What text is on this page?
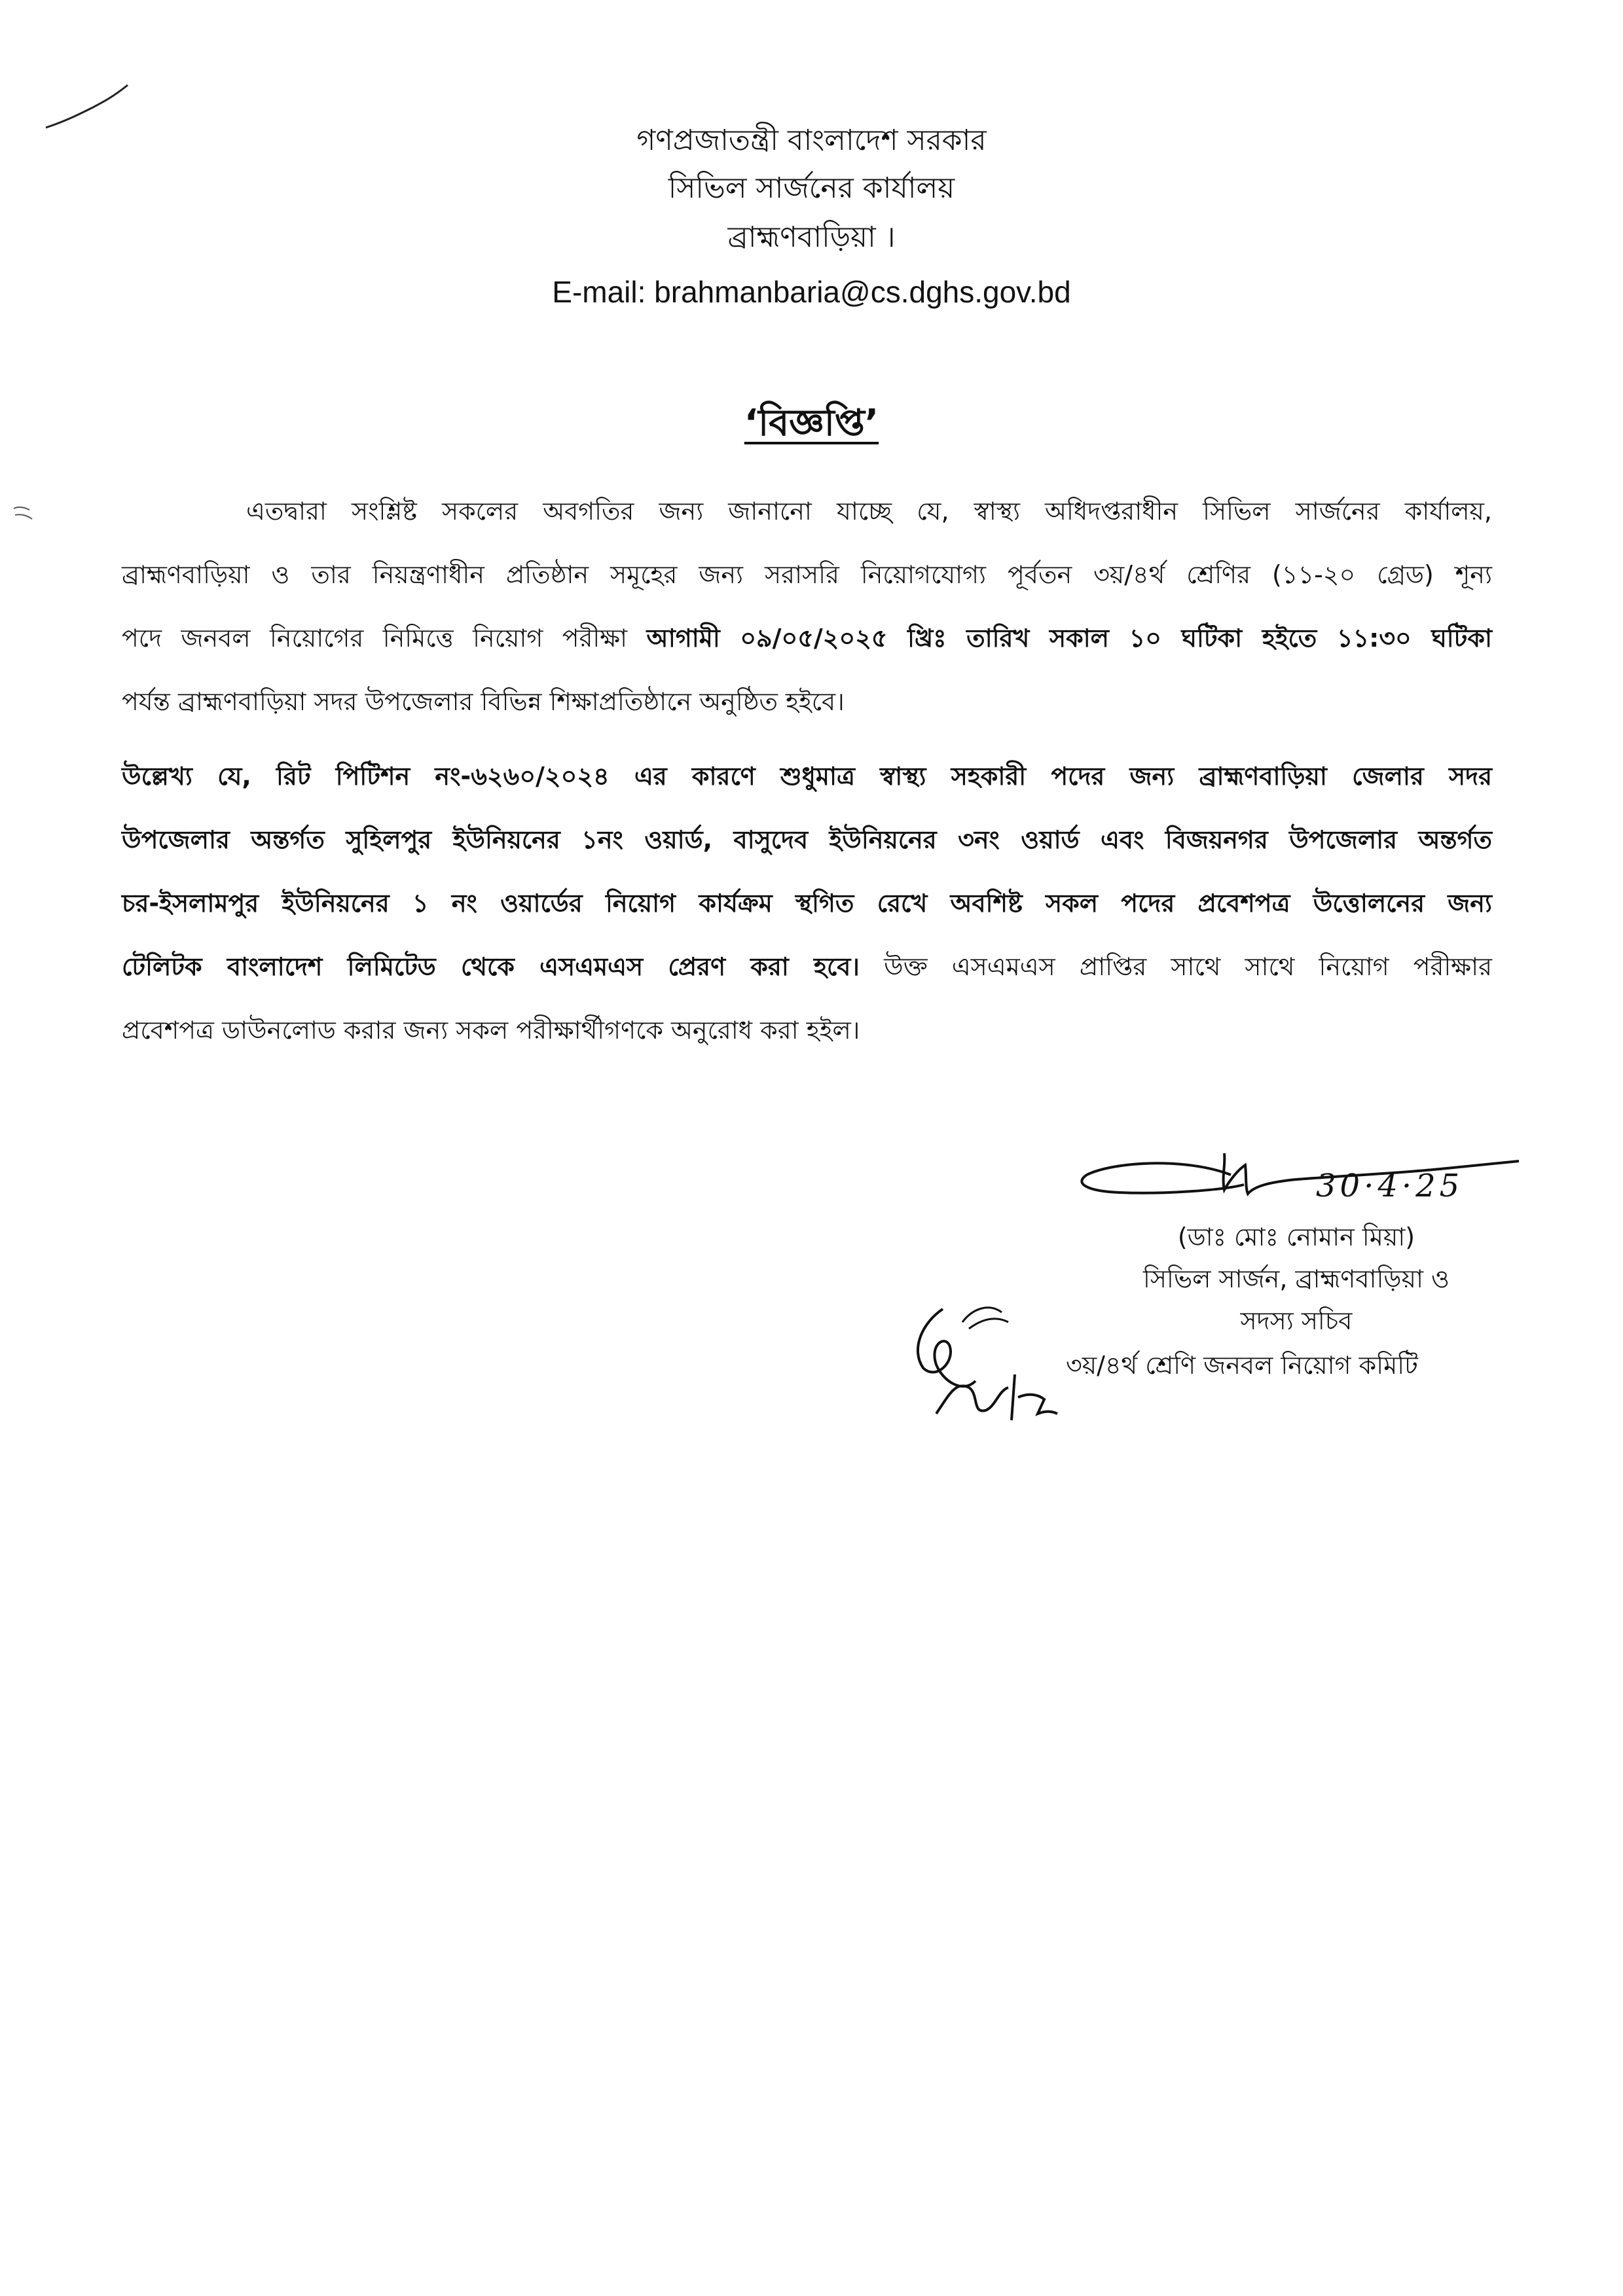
গণপ্রজাতন্ত্রী বাংলাদেশ সরকার
সিভিল সার্জনের কার্যালয়
ব্রাহ্মণবাড়িয়া ।
E-mail: brahmanbaria@cs.dghs.gov.bd
‘বিজ্ঞপ্তি’
এতদ্বারা সংশ্লিষ্ট সকলের অবগতির জন্য জানানো যাচ্ছে যে, স্বাস্থ্য অধিদপ্তরাধীন সিভিল সার্জনের কার্যালয়,
ব্রাহ্মণবাড়িয়া ও তার নিয়ন্ত্রণাধীন প্রতিষ্ঠান সমূহের জন্য সরাসরি নিয়োগযোগ্য পূর্বতন ৩য়/৪র্থ শ্রেণির (১১-২০ গ্রেড) শূন্য
পদে জনবল নিয়োগের নিমিত্তে নিয়োগ পরীক্ষা আগামী ০৯/০৫/২০২৫ খ্রিঃ তারিখ সকাল ১০ ঘটিকা হইতে ১১:৩০ ঘটিকা
পর্যন্ত ব্রাহ্মণবাড়িয়া সদর উপজেলার বিভিন্ন শিক্ষাপ্রতিষ্ঠানে অনুষ্ঠিত হইবে।
উল্লেখ্য যে, রিট পিটিশন নং-৬২৬০/২০২৪ এর কারণে শুধুমাত্র স্বাস্থ্য সহকারী পদের জন্য ব্রাহ্মণবাড়িয়া জেলার সদর
উপজেলার অন্তর্গত সুহিলপুর ইউনিয়নের ১নং ওয়ার্ড, বাসুদেব ইউনিয়নের ৩নং ওয়ার্ড এবং বিজয়নগর উপজেলার অন্তর্গত
চর-ইসলামপুর ইউনিয়নের ১ নং ওয়ার্ডের নিয়োগ কার্যক্রম স্থগিত রেখে অবশিষ্ট সকল পদের প্রবেশপত্র উত্তোলনের জন্য
টেলিটক বাংলাদেশ লিমিটেড থেকে এসএমএস প্রেরণ করা হবে। উক্ত এসএমএস প্রাপ্তির সাথে সাথে নিয়োগ পরীক্ষার
প্রবেশপত্র ডাউনলোড করার জন্য সকল পরীক্ষার্থীগণকে অনুরোধ করা হইল।
30·4·25
(ডাঃ মোঃ নোমান মিয়া)
সিভিল সার্জন, ব্রাহ্মণবাড়িয়া ও
সদস্য সচিব
৩য়/৪র্থ শ্রেণি জনবল নিয়োগ কমিটি
